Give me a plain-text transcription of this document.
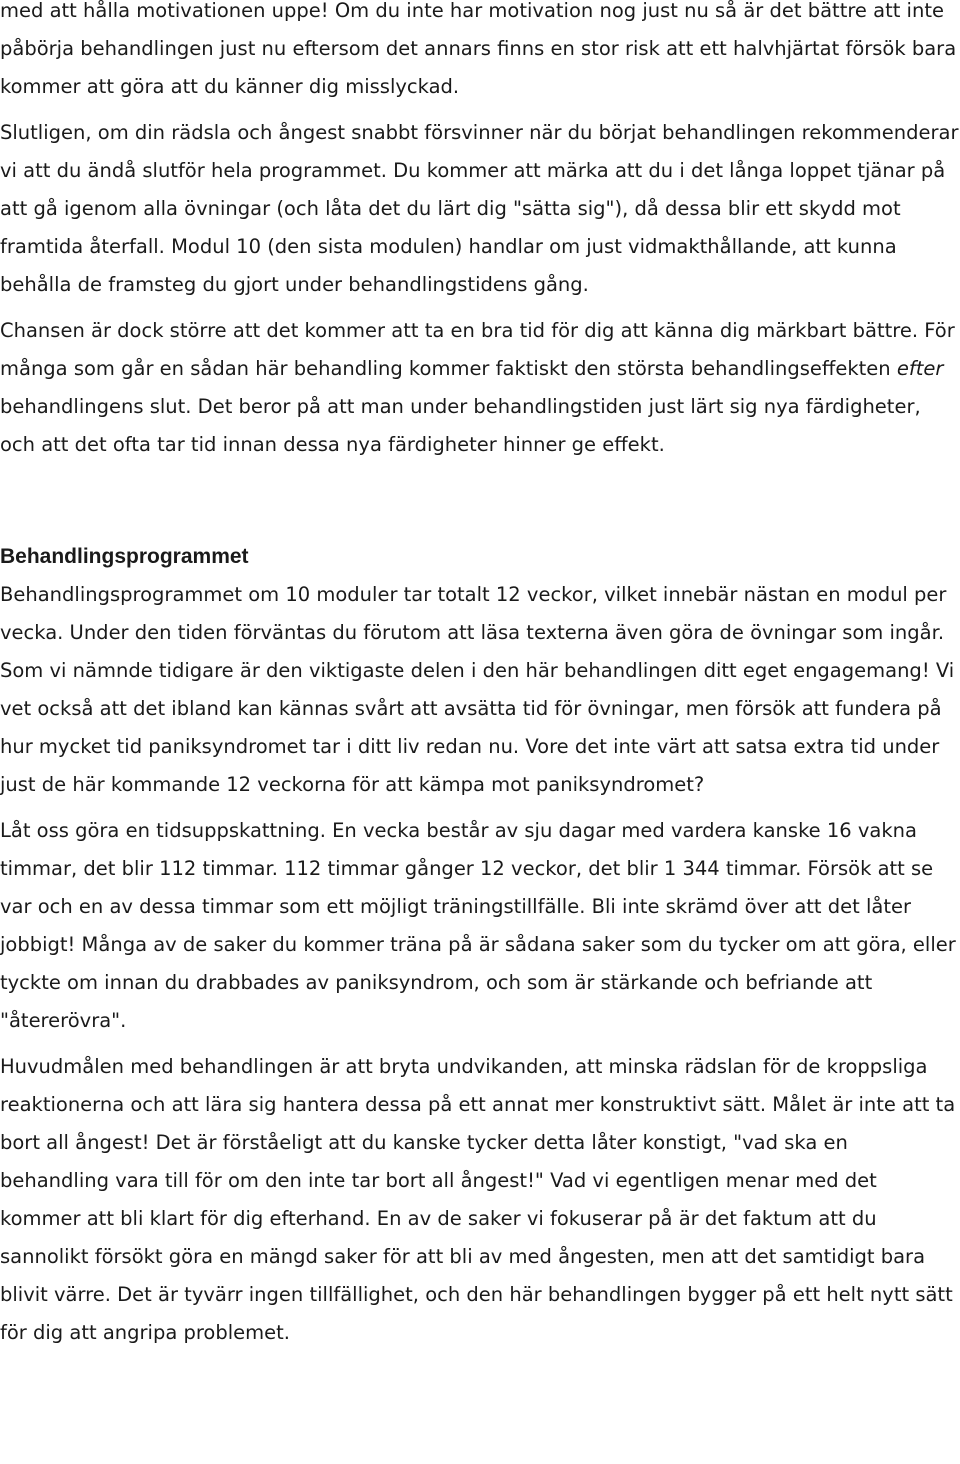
med att hålla motivationen uppe! Om du inte har motivation nog just nu så är det bättre att inte påbörja behandlingen just nu eftersom det annars finns en stor risk att ett halvhjärtat försök bara kommer att göra att du känner dig misslyckad.

Slutligen, om din rädsla och ångest snabbt försvinner när du börjat behandlingen rekommenderar vi att du ändå slutför hela programmet. Du kommer att märka att du i det långa loppet tjänar på att gå igenom alla övningar (och låta det du lärt dig "sätta sig"), då dessa blir ett skydd mot framtida återfall. Modul 10 (den sista modulen) handlar om just vidmakthållande, att kunna behålla de framsteg du gjort under behandlingstidens gång.

Chansen är dock större att det kommer att ta en bra tid för dig att känna dig märkbart bättre. För många som går en sådan här behandling kommer faktiskt den största behandlingseffekten efter behandlingens slut. Det beror på att man under behandlingstiden just lärt sig nya färdigheter, och att det ofta tar tid innan dessa nya färdigheter hinner ge effekt.

Behandlingsprogrammet

Behandlingsprogrammet om 10 moduler tar totalt 12 veckor, vilket innebär nästan en modul per vecka. Under den tiden förväntas du förutom att läsa texterna även göra de övningar som ingår. Som vi nämnde tidigare är den viktigaste delen i den här behandlingen ditt eget engagemang! Vi vet också att det ibland kan kännas svårt att avsätta tid för övningar, men försök att fundera på hur mycket tid paniksyndromet tar i ditt liv redan nu. Vore det inte värt att satsa extra tid under just de här kommande 12 veckorna för att kämpa mot paniksyndromet?

Låt oss göra en tidsuppskattning. En vecka består av sju dagar med vardera kanske 16 vakna timmar, det blir 112 timmar. 112 timmar gånger 12 veckor, det blir 1 344 timmar. Försök att se var och en av dessa timmar som ett möjligt träningstillfälle. Bli inte skrämd över att det låter jobbigt! Många av de saker du kommer träna på är sådana saker som du tycker om att göra, eller tyckte om innan du drabbades av paniksyndrom, och som är stärkande och befriande att "återerövra".

Huvudmålen med behandlingen är att bryta undvikanden, att minska rädslan för de kroppsliga reaktionerna och att lära sig hantera dessa på ett annat mer konstruktivt sätt. Målet är inte att ta bort all ångest! Det är förståeligt att du kanske tycker detta låter konstigt, "vad ska en behandling vara till för om den inte tar bort all ångest!" Vad vi egentligen menar med det kommer att bli klart för dig efterhand. En av de saker vi fokuserar på är det faktum att du sannolikt försökt göra en mängd saker för att bli av med ångesten, men att det samtidigt bara blivit värre. Det är tyvärr ingen tillfällighet, och den här behandlingen bygger på ett helt nytt sätt för dig att angripa problemet.
